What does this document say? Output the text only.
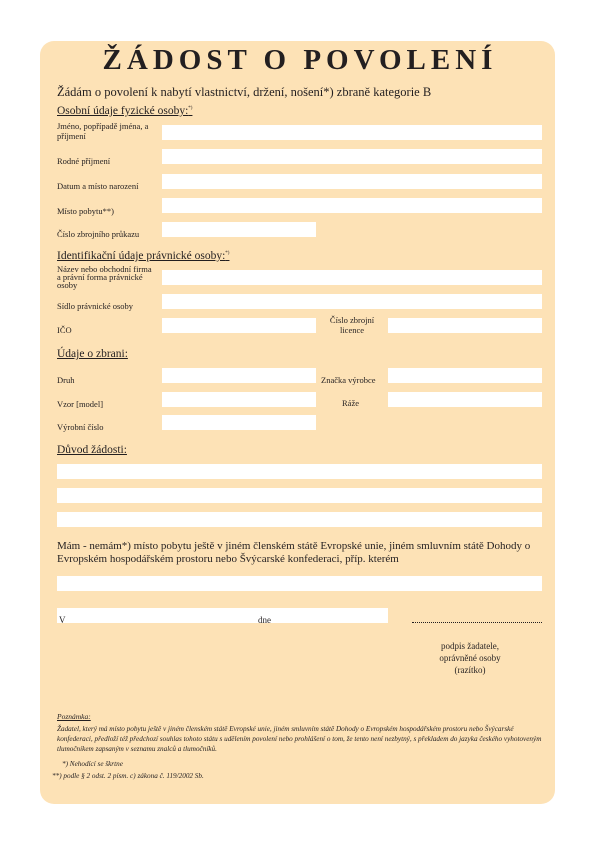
ŽÁDOST O POVOLENÍ
Žádám o povolení k nabytí vlastnictví, držení, nošení*) zbraně kategorie B
Osobní údaje fyzické osoby:*)
Jméno, popřípadě jména, a příjmení
Rodné příjmení
Datum a místo narození
Místo pobytu**)
Číslo zbrojního průkazu
Identifikační údaje právnické osoby:*)
Název nebo obchodní firma a právní forma právnické osoby
Sídlo právnické osoby
IČO
Číslo zbrojní licence
Údaje o zbrani:
Druh	Značka výrobce
Vzor [model]	Ráže
Výrobní číslo
Důvod žádosti:
Mám - nemám*) místo pobytu ještě v jiném členském státě Evropské unie, jiném smluvním státě Dohody o Evropském hospodářském prostoru nebo Švýcarské konfederaci, příp. kterém
V	dne
podpis žadatele,
oprávněné osoby
(razítko)
Poznámka:
Žadatel, který má místo pobytu ještě v jiném členském státě Evropské unie, jiném smluvním státě Dohody o Evropském hospodářském prostoru nebo Švýcarské konfederaci, předloží též předchozí souhlas tohoto státu s udělením povolení nebo prohlášení o tom, že tento není nezbytný, s překladem do jazyka českého vyhotoveným tlumočníkem zapsaným v seznamu znalců a tlumočníků.
*) Nehodící se škrtne
**) podle § 2 odst. 2 písm. c) zákona č. 119/2002 Sb.
